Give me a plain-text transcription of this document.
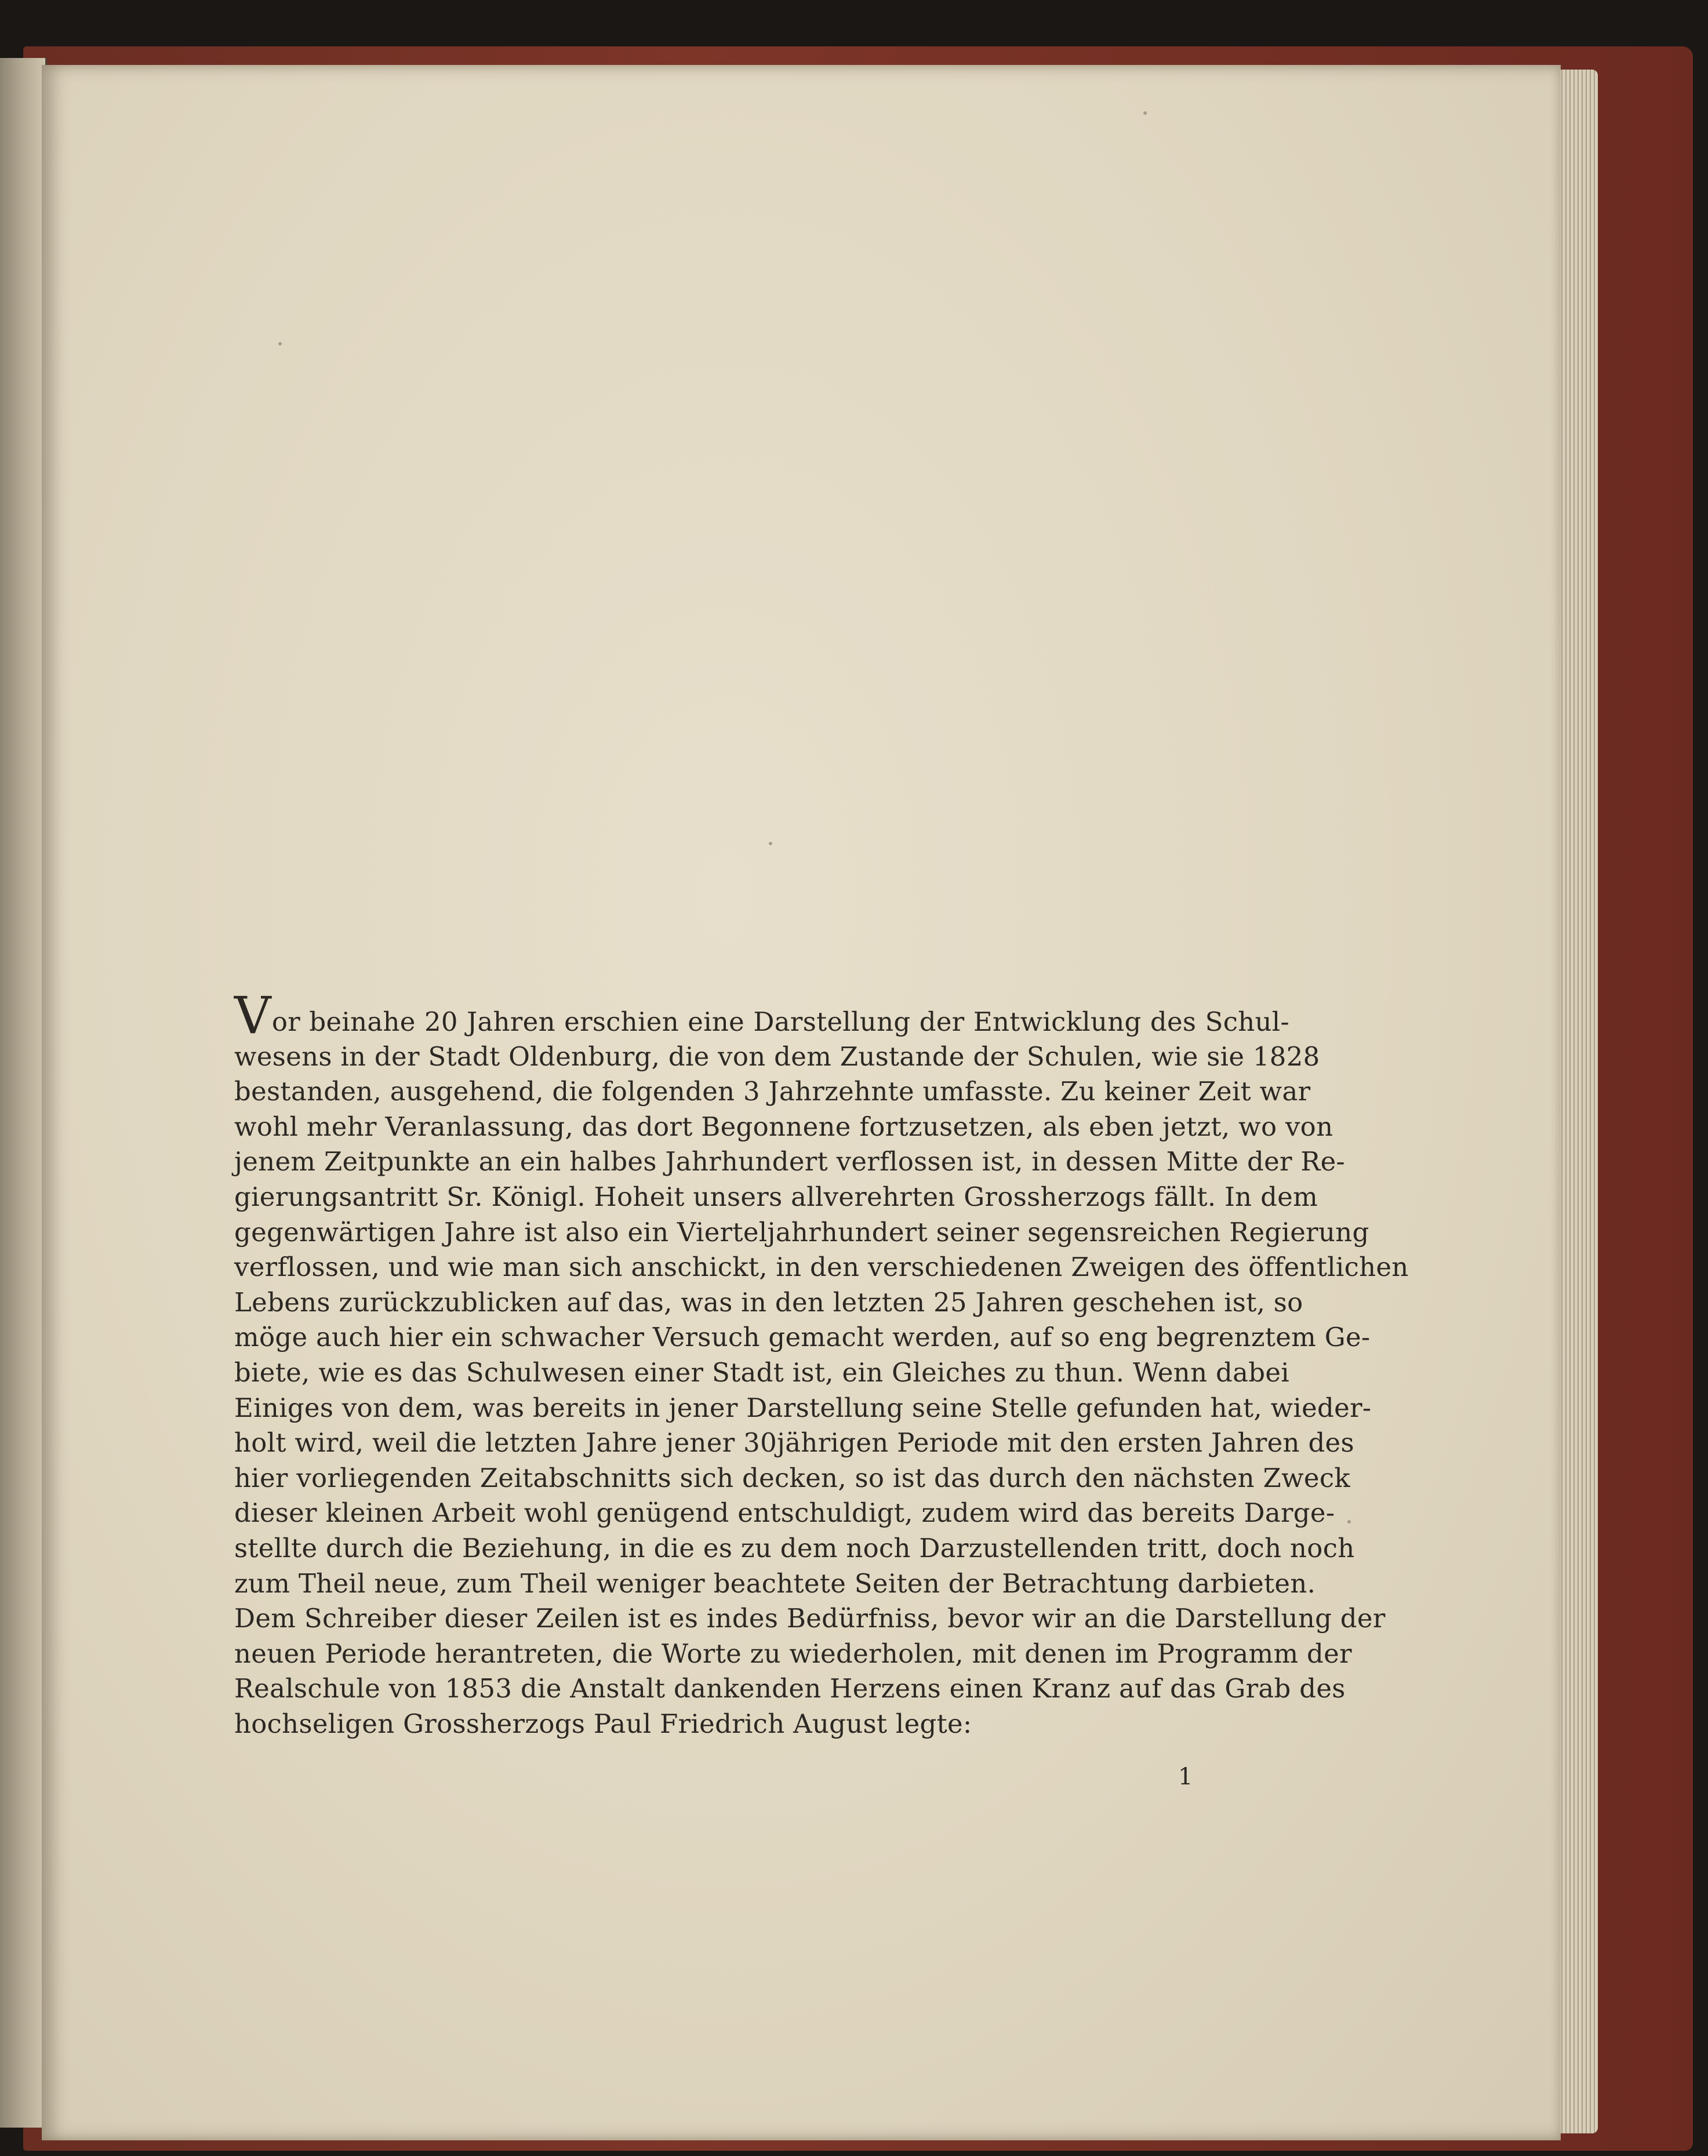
Vor beinahe 20 Jahren erschien eine Darstellung der Entwicklung des Schul-
wesens in der Stadt Oldenburg, die von dem Zustande der Schulen, wie sie 1828
bestanden, ausgehend, die folgenden 3 Jahrzehnte umfasste. Zu keiner Zeit war
wohl mehr Veranlassung, das dort Begonnene fortzusetzen, als eben jetzt, wo von
jenem Zeitpunkte an ein halbes Jahrhundert verflossen ist, in dessen Mitte der Re-
gierungsantritt Sr. Königl. Hoheit unsers allverehrten Grossherzogs fällt. In dem
gegenwärtigen Jahre ist also ein Vierteljahrhundert seiner segensreichen Regierung
verflossen, und wie man sich anschickt, in den verschiedenen Zweigen des öffentlichen
Lebens zurückzublicken auf das, was in den letzten 25 Jahren geschehen ist, so
möge auch hier ein schwacher Versuch gemacht werden, auf so eng begrenztem Ge-
biete, wie es das Schulwesen einer Stadt ist, ein Gleiches zu thun. Wenn dabei
Einiges von dem, was bereits in jener Darstellung seine Stelle gefunden hat, wieder-
holt wird, weil die letzten Jahre jener 30jährigen Periode mit den ersten Jahren des
hier vorliegenden Zeitabschnitts sich decken, so ist das durch den nächsten Zweck
dieser kleinen Arbeit wohl genügend entschuldigt, zudem wird das bereits Darge-
stellte durch die Beziehung, in die es zu dem noch Darzustellenden tritt, doch noch
zum Theil neue, zum Theil weniger beachtete Seiten der Betrachtung darbieten.
Dem Schreiber dieser Zeilen ist es indes Bedürfniss, bevor wir an die Darstellung der
neuen Periode herantreten, die Worte zu wiederholen, mit denen im Programm der
Realschule von 1853 die Anstalt dankenden Herzens einen Kranz auf das Grab des
hochseligen Grossherzogs Paul Friedrich August legte:
1
